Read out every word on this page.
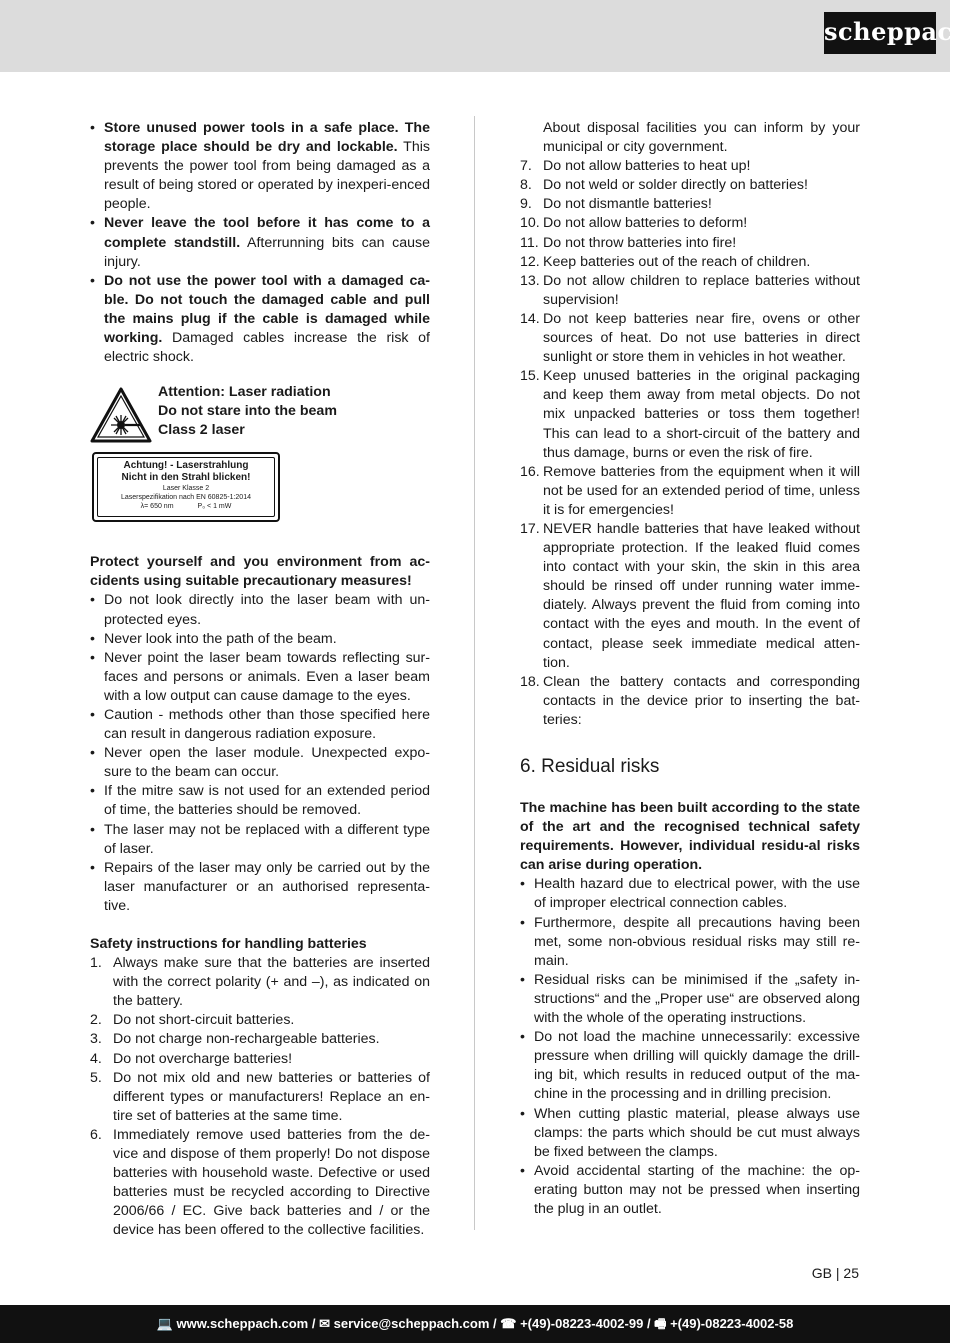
scheppach
• Store unused power tools in a safe place. The storage place should be dry and lockable. This prevents the power tool from being damaged as a result of being stored or operated by inexperi-enced people.
• Never leave the tool before it has come to a complete standstill. Afterrunning bits can cause injury.
• Do not use the power tool with a damaged ca-ble. Do not touch the damaged cable and pull the mains plug if the cable is damaged while working. Damaged cables increase the risk of electric shock.
Attention: Laser radiation
Do not stare into the beam
Class 2 laser
Achtung! - Laserstrahlung
Nicht in den Strahl blicken!
Laser Klasse 2
Laserspezifikation nach EN 60825-1:2014
λ= 650 nm	P₀ < 1 mW
Protect yourself and you environment from ac-cidents using suitable precautionary measures!
• Do not look directly into the laser beam with un-protected eyes.
• Never look into the path of the beam.
• Never point the laser beam towards reflecting sur-faces and persons or animals. Even a laser beam with a low output can cause damage to the eyes.
• Caution - methods other than those specified here can result in dangerous radiation exposure.
• Never open the laser module. Unexpected expo-sure to the beam can occur.
• If the mitre saw is not used for an extended period of time, the batteries should be removed.
• The laser may not be replaced with a different type of laser.
• Repairs of the laser may only be carried out by the laser manufacturer or an authorised representa-tive.
Safety instructions for handling batteries
1. Always make sure that the batteries are inserted with the correct polarity (+ and –), as indicated on the battery.
2. Do not short-circuit batteries.
3. Do not charge non-rechargeable batteries.
4. Do not overcharge batteries!
5. Do not mix old and new batteries or batteries of different types or manufacturers! Replace an en-tire set of batteries at the same time.
6. Immediately remove used batteries from the de-vice and dispose of them properly! Do not dispose batteries with household waste. Defective or used batteries must be recycled according to Directive 2006/66 / EC. Give back batteries and / or the device has been offered to the collective facilities.
About disposal facilities you can inform by your municipal or city government.
7. Do not allow batteries to heat up!
8. Do not weld or solder directly on batteries!
9. Do not dismantle batteries!
10. Do not allow batteries to deform!
11. Do not throw batteries into fire!
12. Keep batteries out of the reach of children.
13. Do not allow children to replace batteries without supervision!
14. Do not keep batteries near fire, ovens or other sources of heat. Do not use batteries in direct sunlight or store them in vehicles in hot weather.
15. Keep unused batteries in the original packaging and keep them away from metal objects. Do not mix unpacked batteries or toss them together! This can lead to a short-circuit of the battery and thus damage, burns or even the risk of fire.
16. Remove batteries from the equipment when it will not be used for an extended period of time, unless it is for emergencies!
17. NEVER handle batteries that have leaked without appropriate protection. If the leaked fluid comes into contact with your skin, the skin in this area should be rinsed off under running water imme-diately. Always prevent the fluid from coming into contact with the eyes and mouth. In the event of contact, please seek immediate medical atten-tion.
18. Clean the battery contacts and corresponding contacts in the device prior to inserting the bat-teries:
6. Residual risks
The machine has been built according to the state of the art and the recognised technical safety requirements. However, individual residu-al risks can arise during operation.
• Health hazard due to electrical power, with the use of improper electrical connection cables.
• Furthermore, despite all precautions having been met, some non-obvious residual risks may still re-main.
• Residual risks can be minimised if the „safety in-structions“ and the „Proper use“ are observed along with the whole of the operating instructions.
• Do not load the machine unnecessarily: excessive pressure when drilling will quickly damage the drill-ing bit, which results in reduced output of the ma-chine in the processing and in drilling precision.
• When cutting plastic material, please always use clamps: the parts which should be cut must always be fixed between the clamps.
• Avoid accidental starting of the machine: the op-erating button may not be pressed when inserting the plug in an outlet.
GB | 25
💻 www.scheppach.com / ✉ service@scheppach.com / ☎ +(49)-08223-4002-99 / 🖷 +(49)-08223-4002-58
